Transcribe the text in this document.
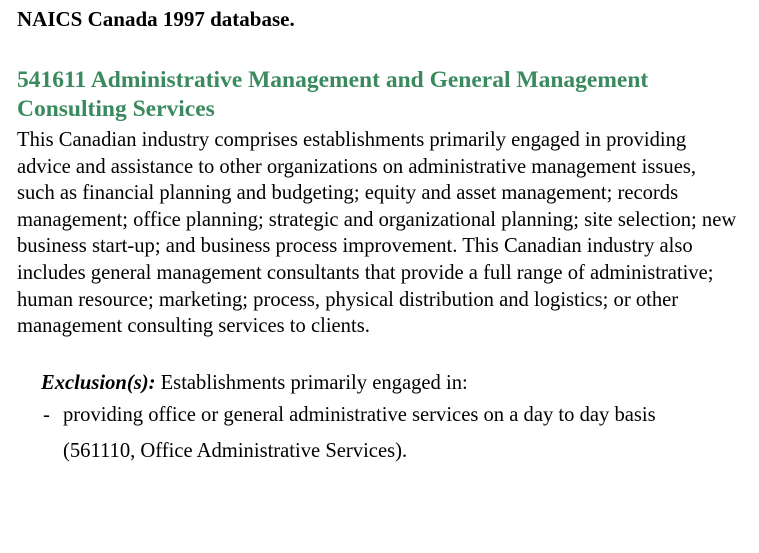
NAICS Canada 1997 database.

541611 Administrative Management and General Management Consulting Services

This Canadian industry comprises establishments primarily engaged in providing advice and assistance to other organizations on administrative management issues, such as financial planning and budgeting; equity and asset management; records management; office planning; strategic and organizational planning; site selection; new business start-up; and business process improvement. This Canadian industry also includes general management consultants that provide a full range of administrative; human resource; marketing; process, physical distribution and logistics; or other management consulting services to clients.

Exclusion(s): Establishments primarily engaged in:
- providing office or general administrative services on a day to day basis
(561110, Office Administrative Services).
